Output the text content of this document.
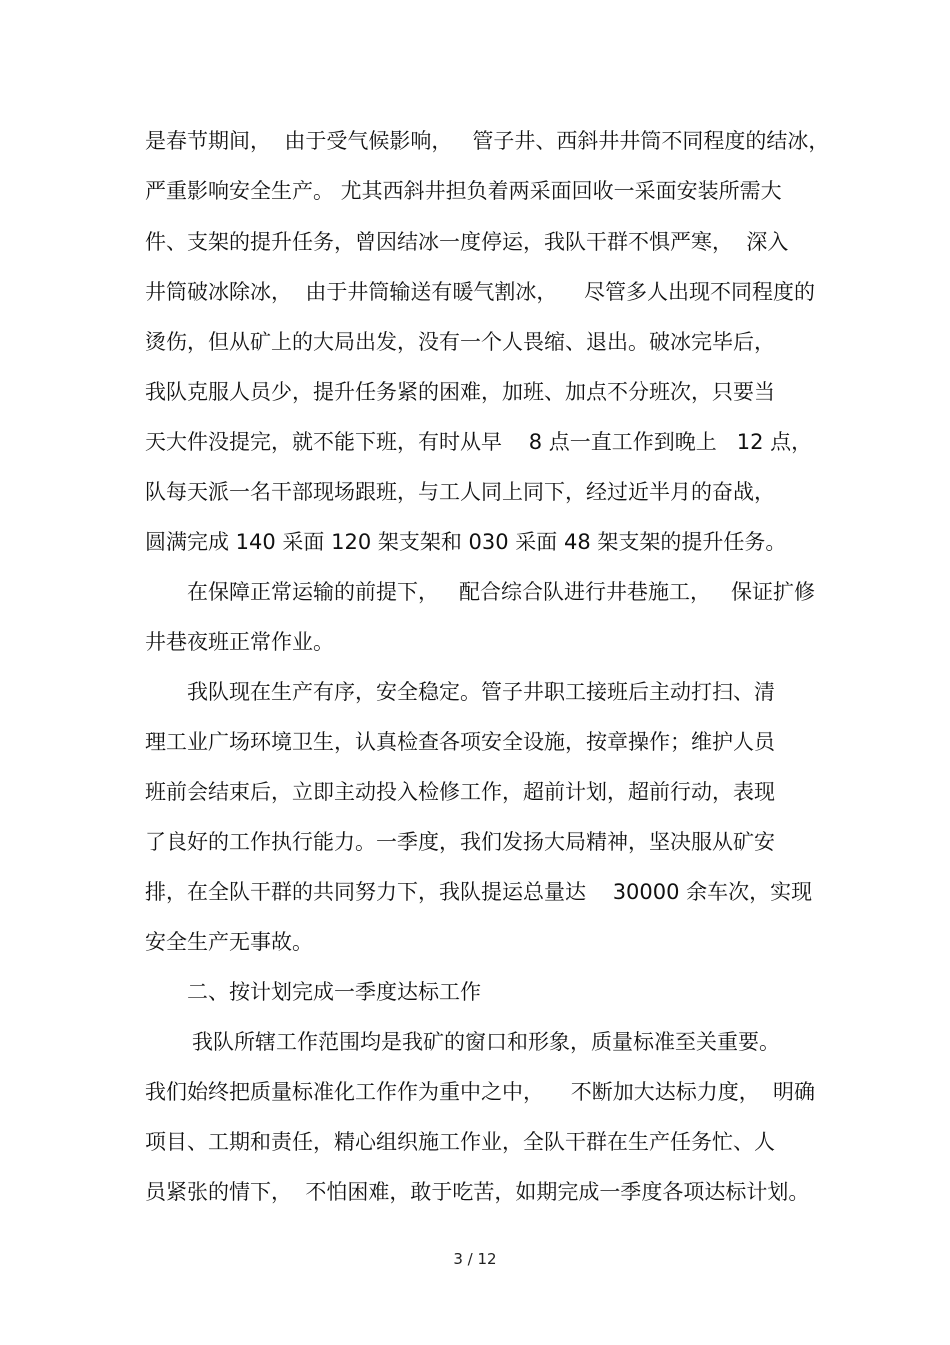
是春节期间，  由于受气候影响，   管子井、西斜井井筒不同程度的结冰，
严重影响安全生产。 尤其西斜井担负着两采面回收一采面安装所需大
件、支架的提升任务，曾因结冰一度停运，我队干群不惧严寒，  深入
井筒破冰除冰，  由于井筒输送有暖气割冰，    尽管多人出现不同程度的
烫伤，但从矿上的大局出发，没有一个人畏缩、退出。破冰完毕后，
我队克服人员少，提升任务紧的困难，加班、加点不分班次，只要当
天大件没提完，就不能下班，有时从早    8 点一直工作到晚上   12 点，
队每天派一名干部现场跟班，与工人同上同下，经过近半月的奋战，
圆满完成 140 采面 120 架支架和 030 采面 48 架支架的提升任务。
在保障正常运输的前提下，   配合综合队进行井巷施工，   保证扩修
井巷夜班正常作业。
我队现在生产有序，安全稳定。管子井职工接班后主动打扫、清
理工业广场环境卫生，认真检查各项安全设施，按章操作；维护人员
班前会结束后，立即主动投入检修工作，超前计划，超前行动，表现
了良好的工作执行能力。一季度，我们发扬大局精神，坚决服从矿安
排，在全队干群的共同努力下，我队提运总量达    30000 余车次，实现
安全生产无事故。
二、按计划完成一季度达标工作
我队所辖工作范围均是我矿的窗口和形象，质量标准至关重要。
我们始终把质量标准化工作作为重中之中，    不断加大达标力度，  明确
项目、工期和责任，精心组织施工作业，全队干群在生产任务忙、人
员紧张的情下，  不怕困难，敢于吃苦，如期完成一季度各项达标计划。
3 / 12
